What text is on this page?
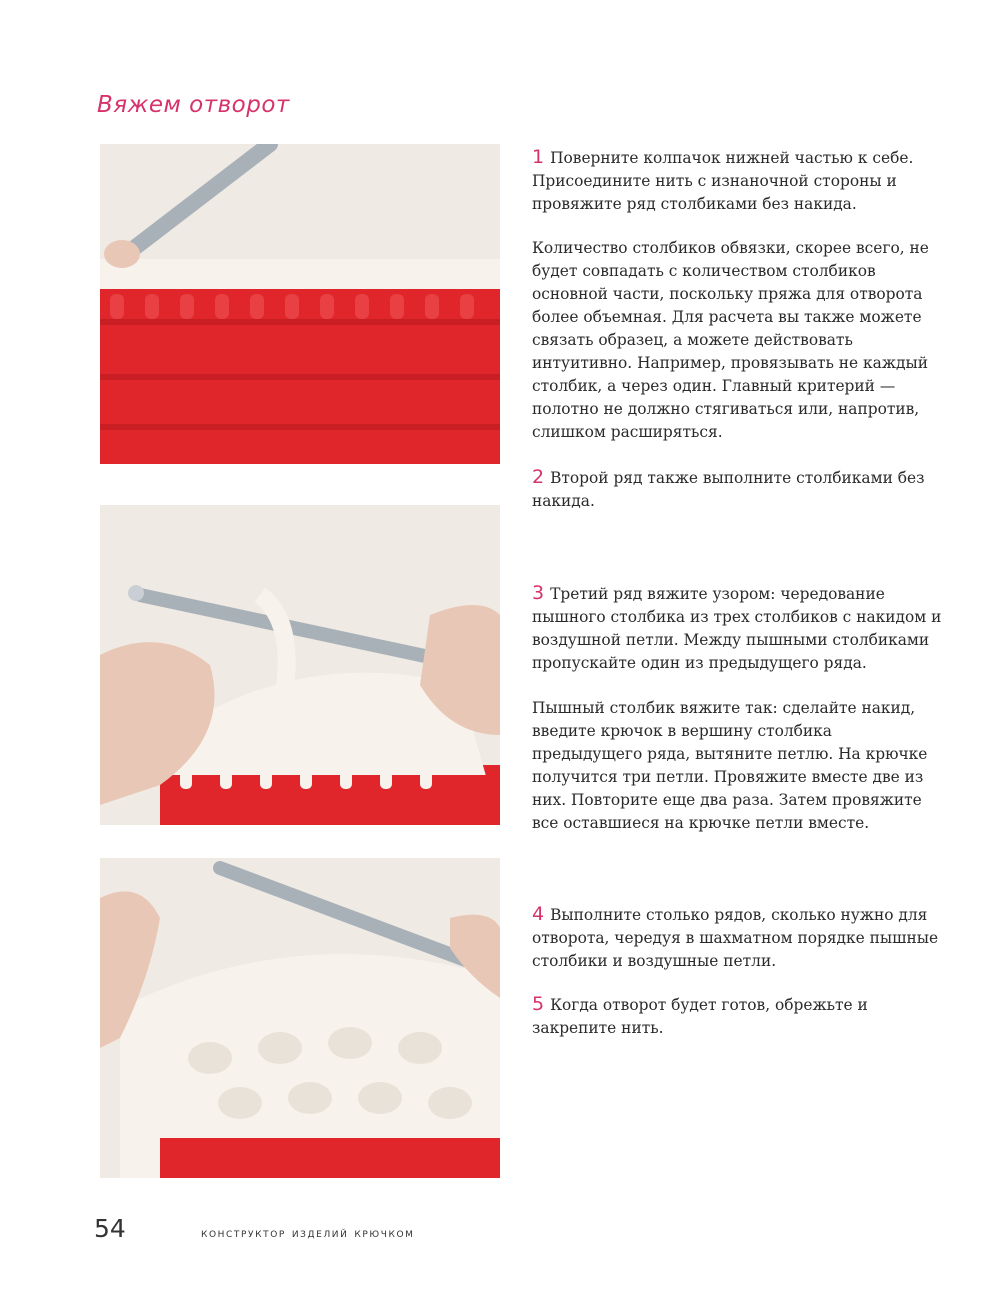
Вяжем отворот
1 Поверните колпачок нижней частью к себе. Присоедините нить с изнаночной стороны и провяжите ряд столбиками без накида.

Количество столбиков обвязки, скорее всего, не будет совпадать с количеством столбиков основной части, поскольку пряжа для отворота более объемная. Для расчета вы также можете связать образец, а можете действовать интуитивно. Например, провязывать не каждый столбик, а через один. Главный критерий — полотно не должно стягиваться или, напротив, слишком расширяться.

2 Второй ряд также выполните столбиками без накида.
3 Третий ряд вяжите узором: чередование пышного столбика из трех столбиков с накидом и воздушной петли. Между пышными столбиками пропускайте один из предыдущего ряда.

Пышный столбик вяжите так: сделайте накид, введите крючок в вершину столбика предыдущего ряда, вытяните петлю. На крючке получится три петли. Провяжите вместе две из них. Повторите еще два раза. Затем провяжите все оставшиеся на крючке петли вместе.

4 Выполните столько рядов, сколько нужно для отворота, чередуя в шахматном порядке пышные столбики и воздушные петли.
5 Когда отворот будет готов, обрежьте и закрепите нить.
54	конструктор изделий крючком
